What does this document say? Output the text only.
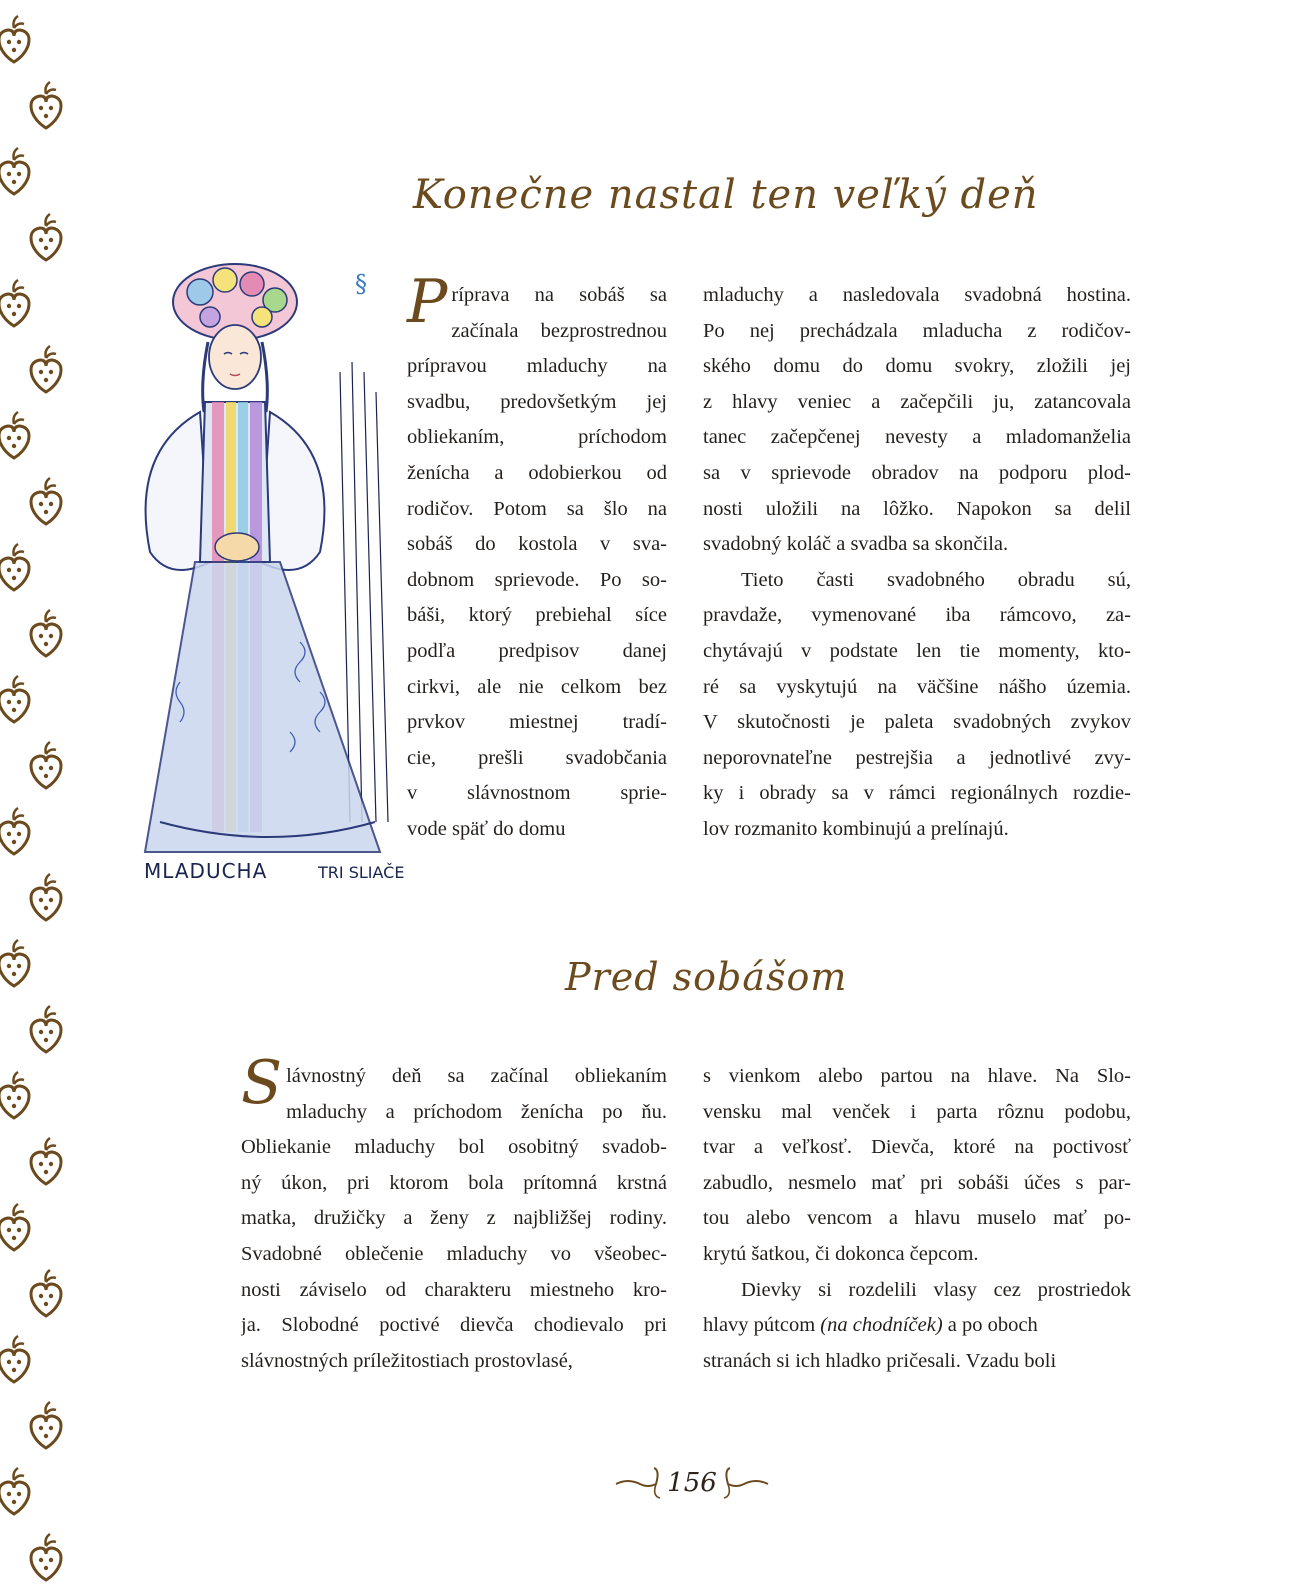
Konečne nastal ten veľký deň
§
MLADUCHA	TRI SLIAČE

P ríprava na sobáš sa
začínala bezprostrednou
prípravou mladuchy na
svadbu, predovšetkým jej
obliekaním, príchodom
ženícha a odobierkou od
rodičov. Potom sa šlo na
sobáš do kostola v sva-
dobnom sprievode. Po so-
báši, ktorý prebiehal síce
podľa predpisov danej
cirkvi, ale nie celkom bez
prvkov miestnej tradí-
cie, prešli svadobčania
v slávnostnom sprie-
vode späť do domu

mladuchy a nasledovala svadobná hostina.
Po nej prechádzala mladucha z rodičov-
ského domu do domu svokry, zložili jej
z hlavy veniec a začepčili ju, zatancovala
tanec začepčenej nevesty a mladomanželia
sa v sprievode obradov na podporu plod-
nosti uložili na lôžko. Napokon sa delil
svadobný koláč a svadba sa skončila.

Tieto časti svadobného obradu sú,
pravdaže, vymenované iba rámcovo, za-
chytávajú v podstate len tie momenty, kto-
ré sa vyskytujú na väčšine nášho územia.
V skutočnosti je paleta svadobných zvykov
neporovnateľne pestrejšia a jednotlivé zvy-
ky i obrady sa v rámci regionálnych rozdie-
lov rozmanito kombinujú a prelínajú.

Pred sobášom

S lávnostný deň sa začínal obliekaním
mladuchy a príchodom ženícha po ňu.
Obliekanie mladuchy bol osobitný svadob-
ný úkon, pri ktorom bola prítomná krstná
matka, družičky a ženy z najbližšej rodiny.
Svadobné oblečenie mladuchy vo všeobec-
nosti záviselo od charakteru miestneho kro-
ja. Slobodné poctivé dievča chodievalo pri
slávnostných príležitostiach prostovlasé,

s vienkom alebo partou na hlave. Na Slo-
vensku mal venček i parta rôznu podobu,
tvar a veľkosť. Dievča, ktoré na poctivosť
zabudlo, nesmelo mať pri sobáši účes s par-
tou alebo vencom a hlavu muselo mať po-
krytú šatkou, či dokonca čepcom.

Dievky si rozdelili vlasy cez prostriedok
hlavy pútcom (na chodníček) a po oboch
stranách si ich hladko pričesali. Vzadu boli

156
